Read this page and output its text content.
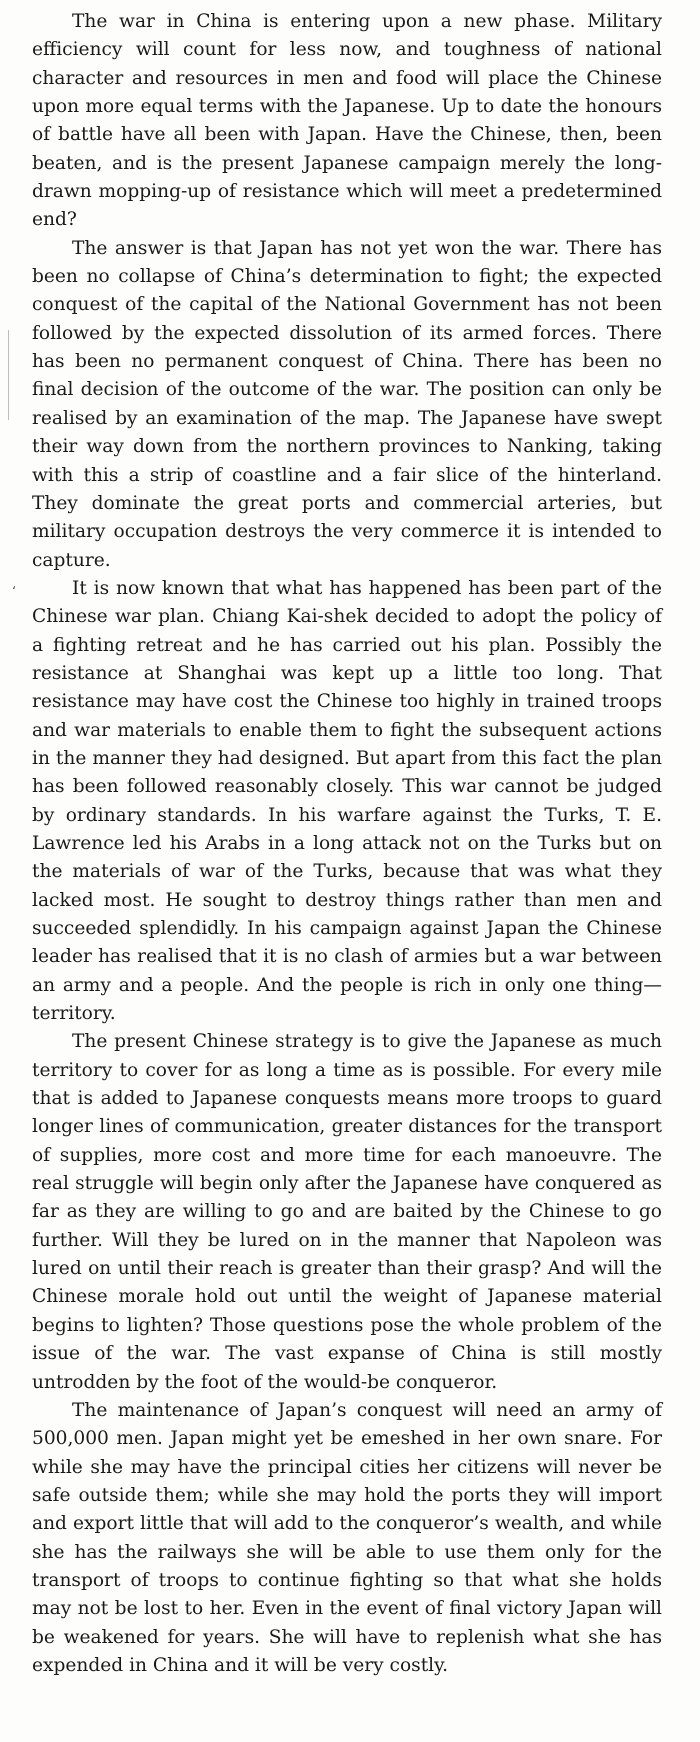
ʻ

The war in China is entering upon a new phase. Military efficiency will count for less now, and toughness of national character and resources in men and food will place the Chinese upon more equal terms with the Japanese. Up to date the honours of battle have all been with Japan. Have the Chinese, then, been beaten, and is the present Japanese campaign merely the long-drawn mopping-up of resistance which will meet a predetermined end?

The answer is that Japan has not yet won the war. There has been no collapse of China’s determination to fight; the expected conquest of the capital of the National Government has not been followed by the expected dissolution of its armed forces. There has been no permanent conquest of China. There has been no final decision of the outcome of the war. The position can only be realised by an examination of the map. The Japanese have swept their way down from the northern provinces to Nanking, taking with this a strip of coastline and a fair slice of the hinterland. They dominate the great ports and commercial arteries, but military occupation destroys the very commerce it is intended to capture.

It is now known that what has happened has been part of the Chinese war plan. Chiang Kai-shek decided to adopt the policy of a fighting retreat and he has carried out his plan. Possibly the resistance at Shanghai was kept up a little too long. That resistance may have cost the Chinese too highly in trained troops and war materials to enable them to fight the subsequent actions in the manner they had designed. But apart from this fact the plan has been followed reasonably closely. This war cannot be judged by ordinary standards. In his warfare against the Turks, T. E. Lawrence led his Arabs in a long attack not on the Turks but on the materials of war of the Turks, because that was what they lacked most. He sought to destroy things rather than men and succeeded splendidly. In his campaign against Japan the Chinese leader has realised that it is no clash of armies but a war between an army and a people. And the people is rich in only one thing—territory.

The present Chinese strategy is to give the Japanese as much territory to cover for as long a time as is possible. For every mile that is added to Japanese conquests means more troops to guard longer lines of communication, greater distances for the transport of supplies, more cost and more time for each manoeuvre. The real struggle will begin only after the Japanese have conquered as far as they are willing to go and are baited by the Chinese to go further. Will they be lured on in the manner that Napoleon was lured on until their reach is greater than their grasp? And will the Chinese morale hold out until the weight of Japanese material begins to lighten? Those questions pose the whole problem of the issue of the war. The vast expanse of China is still mostly untrodden by the foot of the would-be conqueror.

The maintenance of Japan’s conquest will need an army of 500,000 men. Japan might yet be emeshed in her own snare. For while she may have the principal cities her citizens will never be safe outside them; while she may hold the ports they will import and export little that will add to the conqueror’s wealth, and while she has the railways she will be able to use them only for the transport of troops to continue fighting so that what she holds may not be lost to her. Even in the event of final victory Japan will be weakened for years. She will have to replenish what she has expended in China and it will be very costly.
